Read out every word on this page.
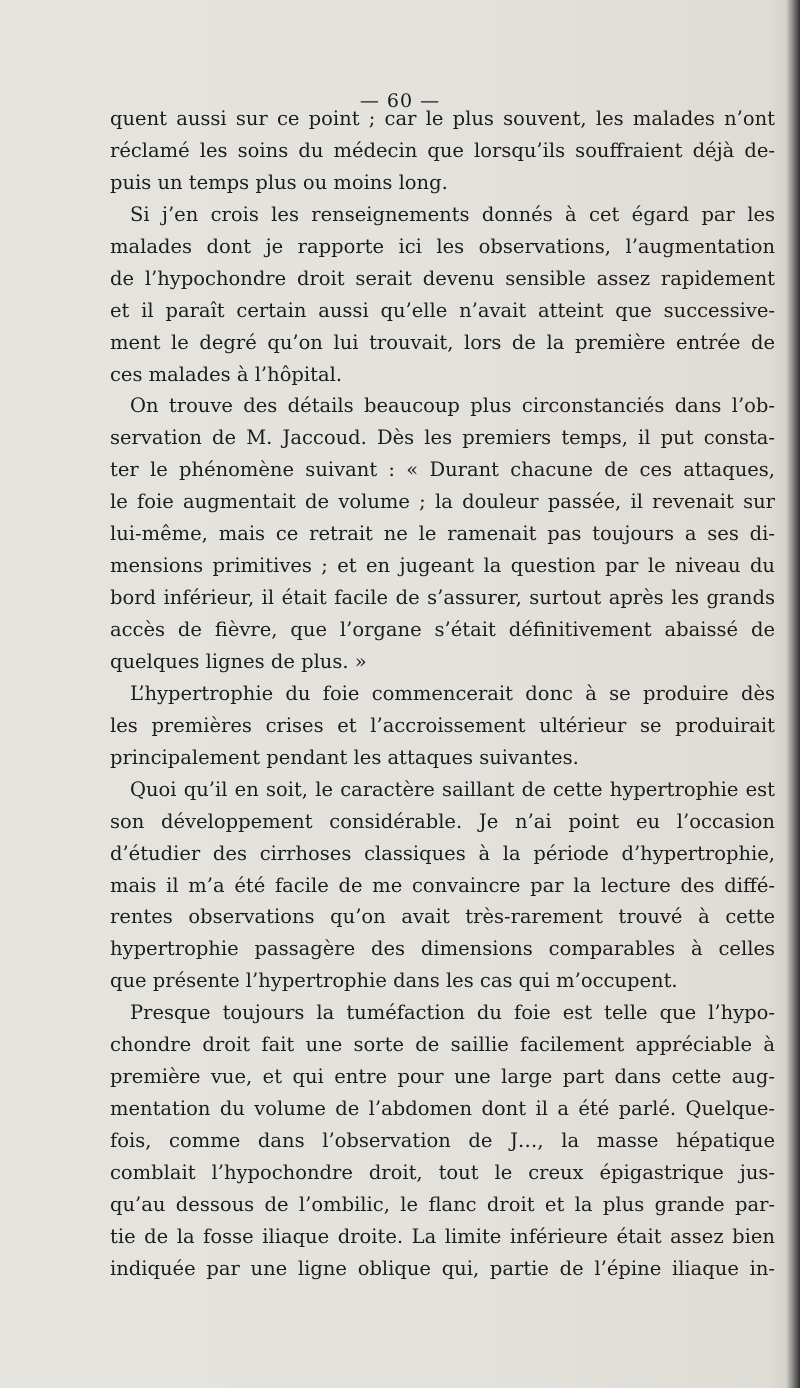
— 60 —
quent aussi sur ce point ; car le plus souvent, les malades n’ont
réclamé les soins du médecin que lorsqu’ils souffraient déjà de-
puis un temps plus ou moins long.
Si j’en crois les renseignements donnés à cet égard par les
malades dont je rapporte ici les observations, l’augmentation
de l’hypochondre droit serait devenu sensible assez rapidement
et il paraît certain aussi qu’elle n’avait atteint que successive-
ment le degré qu’on lui trouvait, lors de la première entrée de
ces malades à l’hôpital.
On trouve des détails beaucoup plus circonstanciés dans l’ob-
servation de M. Jaccoud. Dès les premiers temps, il put consta-
ter le phénomène suivant : « Durant chacune de ces attaques,
le foie augmentait de volume ; la douleur passée, il revenait sur
lui-même, mais ce retrait ne le ramenait pas toujours a ses di-
mensions primitives ; et en jugeant la question par le niveau du
bord inférieur, il était facile de s’assurer, surtout après les grands
accès de fièvre, que l’organe s’était définitivement abaissé de
quelques lignes de plus. »
L’hypertrophie du foie commencerait donc à se produire dès
les premières crises et l’accroissement ultérieur se produirait
principalement pendant les attaques suivantes.
Quoi qu’il en soit, le caractère saillant de cette hypertrophie est
son développement considérable. Je n’ai point eu l’occasion
d’étudier des cirrhoses classiques à la période d’hypertrophie,
mais il m’a été facile de me convaincre par la lecture des diffé-
rentes observations qu’on avait très-rarement trouvé à cette
hypertrophie passagère des dimensions comparables à celles
que présente l’hypertrophie dans les cas qui m’occupent.
Presque toujours la tuméfaction du foie est telle que l’hypo-
chondre droit fait une sorte de saillie facilement appréciable à
première vue, et qui entre pour une large part dans cette aug-
mentation du volume de l’abdomen dont il a été parlé. Quelque-
fois, comme dans l’observation de J…, la masse hépatique
comblait l’hypochondre droit, tout le creux épigastrique jus-
qu’au dessous de l’ombilic, le flanc droit et la plus grande par-
tie de la fosse iliaque droite. La limite inférieure était assez bien
indiquée par une ligne oblique qui, partie de l’épine iliaque in-
